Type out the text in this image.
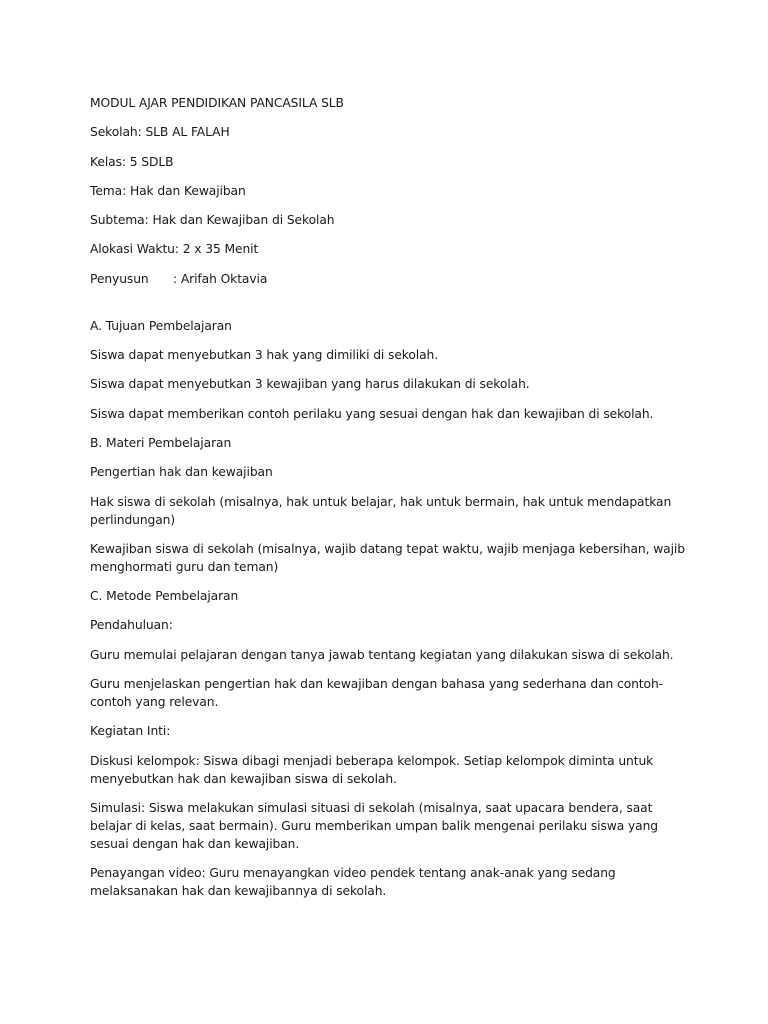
MODUL AJAR PENDIDIKAN PANCASILA SLB

Sekolah: SLB AL FALAH

Kelas: 5 SDLB

Tema: Hak dan Kewajiban

Subtema: Hak dan Kewajiban di Sekolah

Alokasi Waktu: 2 x 35 Menit

Penyusun : Arifah Oktavia

A. Tujuan Pembelajaran

Siswa dapat menyebutkan 3 hak yang dimiliki di sekolah.

Siswa dapat menyebutkan 3 kewajiban yang harus dilakukan di sekolah.

Siswa dapat memberikan contoh perilaku yang sesuai dengan hak dan kewajiban di sekolah.

B. Materi Pembelajaran

Pengertian hak dan kewajiban

Hak siswa di sekolah (misalnya, hak untuk belajar, hak untuk bermain, hak untuk mendapatkan perlindungan)

Kewajiban siswa di sekolah (misalnya, wajib datang tepat waktu, wajib menjaga kebersihan, wajib menghormati guru dan teman)

C. Metode Pembelajaran

Pendahuluan:

Guru memulai pelajaran dengan tanya jawab tentang kegiatan yang dilakukan siswa di sekolah.

Guru menjelaskan pengertian hak dan kewajiban dengan bahasa yang sederhana dan contoh-contoh yang relevan.

Kegiatan Inti:

Diskusi kelompok: Siswa dibagi menjadi beberapa kelompok. Setiap kelompok diminta untuk menyebutkan hak dan kewajiban siswa di sekolah.

Simulasi: Siswa melakukan simulasi situasi di sekolah (misalnya, saat upacara bendera, saat belajar di kelas, saat bermain). Guru memberikan umpan balik mengenai perilaku siswa yang sesuai dengan hak dan kewajiban.

Penayangan video: Guru menayangkan video pendek tentang anak-anak yang sedang melaksanakan hak dan kewajibannya di sekolah.
